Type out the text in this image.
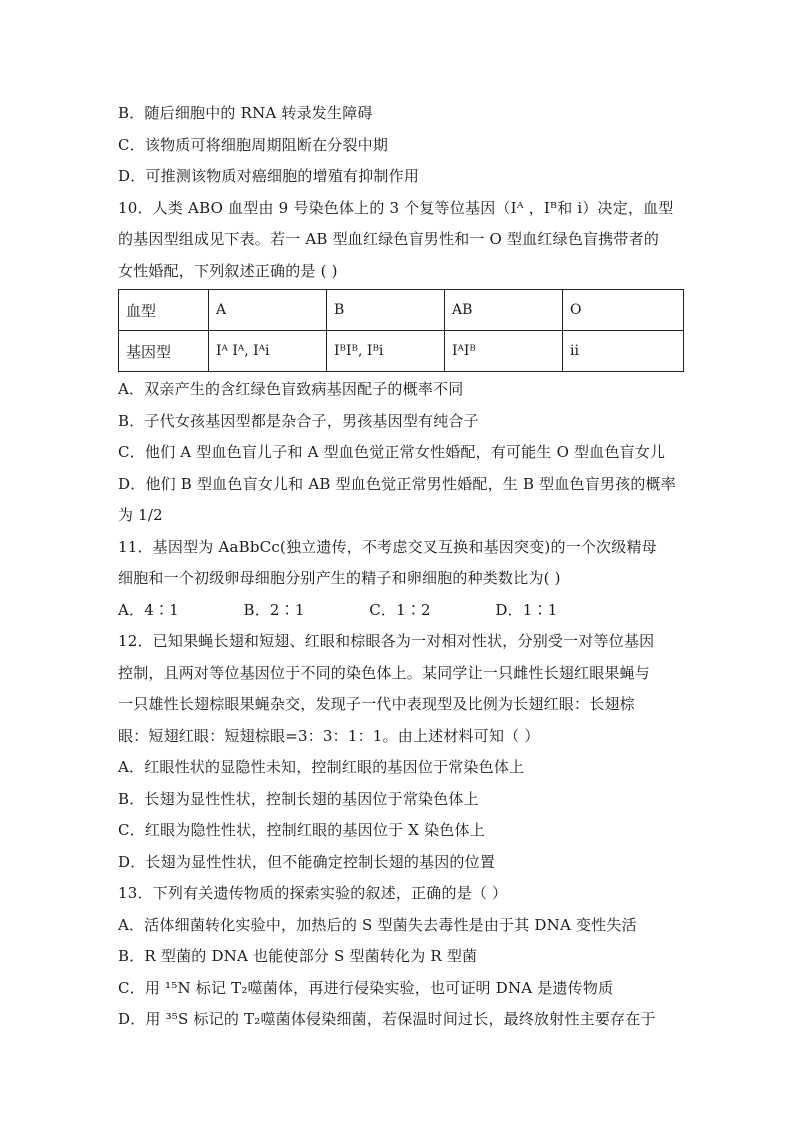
B．随后细胞中的 RNA 转录发生障碍
C．该物质可将细胞周期阻断在分裂中期
D．可推测该物质对癌细胞的增殖有抑制作用
10．人类 ABO 血型由 9 号染色体上的 3 个复等位基因（Iᴬ ，Iᴮ和 i）决定，血型
的基因型组成见下表。若一 AB 型血红绿色盲男性和一 O 型血红绿色盲携带者的
女性婚配，下列叙述正确的是 ( )
血型	A	B	AB	O
基因型	Iᴬ Iᴬ, Iᴬi	IᴮIᴮ, Iᴮi	IᴬIᴮ	ii
A．双亲产生的含红绿色盲致病基因配子的概率不同
B．子代女孩基因型都是杂合子，男孩基因型有纯合子
C．他们 A 型血色盲儿子和 A 型血色觉正常女性婚配，有可能生 O 型血色盲女儿
D．他们 B 型血色盲女儿和 AB 型血色觉正常男性婚配，生 B 型血色盲男孩的概率
为 1/2
11．基因型为 AaBbCc(独立遗传，不考虑交叉互换和基因突变)的一个次级精母
细胞和一个初级卵母细胞分别产生的精子和卵细胞的种类数比为( )
A．4∶1             B．2∶1             C．1∶2             D．1∶1
12．已知果蝇长翅和短翅、红眼和棕眼各为一对相对性状，分别受一对等位基因
控制，且两对等位基因位于不同的染色体上。某同学让一只雌性长翅红眼果蝇与
一只雄性长翅棕眼果蝇杂交，发现子一代中表现型及比例为长翅红眼：长翅棕
眼：短翅红眼：短翅棕眼=3：3：1：1。由上述材料可知（ ）
A．红眼性状的显隐性未知，控制红眼的基因位于常染色体上
B．长翅为显性性状，控制长翅的基因位于常染色体上
C．红眼为隐性性状，控制红眼的基因位于 X 染色体上
D．长翅为显性性状，但不能确定控制长翅的基因的位置
13．下列有关遗传物质的探索实验的叙述，正确的是（ ）
A．活体细菌转化实验中，加热后的 S 型菌失去毒性是由于其 DNA 变性失活
B．R 型菌的 DNA 也能使部分 S 型菌转化为 R 型菌
C．用 ¹⁵N 标记 T₂噬菌体，再进行侵染实验，也可证明 DNA 是遗传物质
D．用 ³⁵S 标记的 T₂噬菌体侵染细菌，若保温时间过长，最终放射性主要存在于
